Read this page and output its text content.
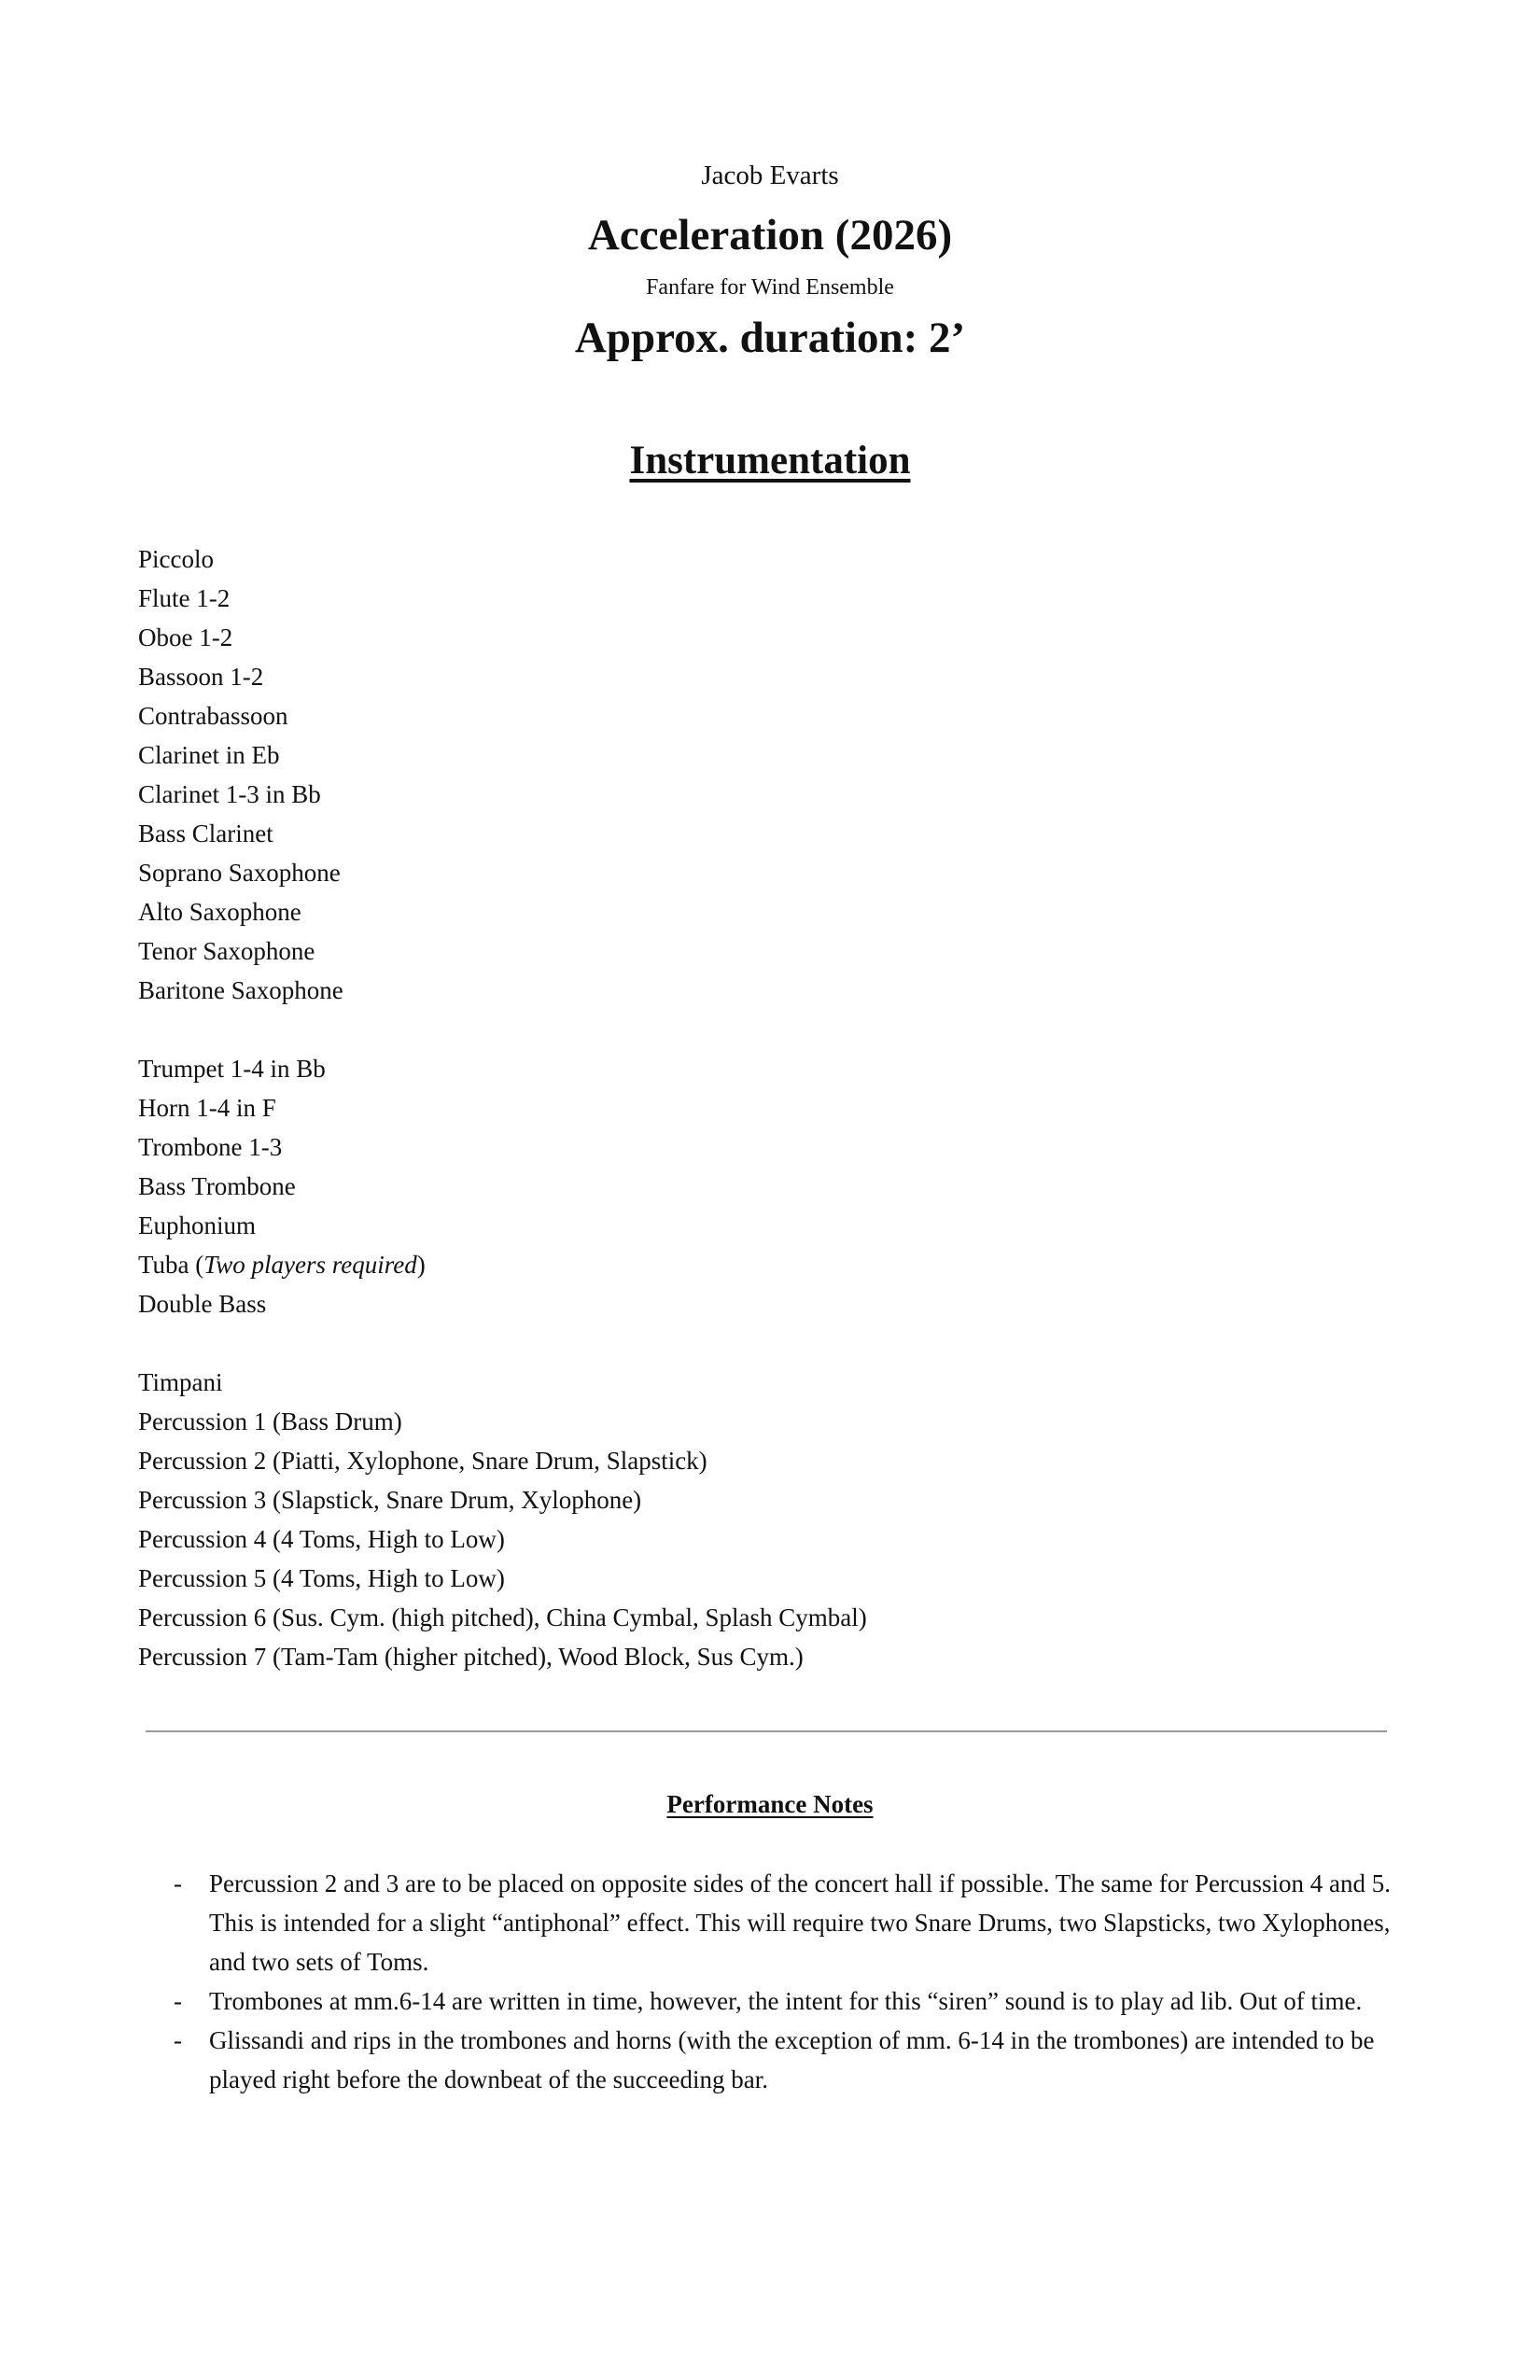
Jacob Evarts
Acceleration (2026)
Fanfare for Wind Ensemble
Approx. duration: 2’
Instrumentation
Piccolo
Flute 1-2
Oboe 1-2
Bassoon 1-2
Contrabassoon
Clarinet in Eb
Clarinet 1-3 in Bb
Bass Clarinet
Soprano Saxophone
Alto Saxophone
Tenor Saxophone
Baritone Saxophone
Trumpet 1-4 in Bb
Horn 1-4 in F
Trombone 1-3
Bass Trombone
Euphonium
Tuba (Two players required)
Double Bass
Timpani
Percussion 1 (Bass Drum)
Percussion 2 (Piatti, Xylophone, Snare Drum, Slapstick)
Percussion 3 (Slapstick, Snare Drum, Xylophone)
Percussion 4 (4 Toms, High to Low)
Percussion 5 (4 Toms, High to Low)
Percussion 6 (Sus. Cym. (high pitched), China Cymbal, Splash Cymbal)
Percussion 7 (Tam-Tam (higher pitched), Wood Block, Sus Cym.)
Performance Notes
- Percussion 2 and 3 are to be placed on opposite sides of the concert hall if possible. The same for Percussion 4 and 5. This is intended for a slight “antiphonal” effect. This will require two Snare Drums, two Slapsticks, two Xylophones, and two sets of Toms.
- Trombones at mm.6-14 are written in time, however, the intent for this “siren” sound is to play ad lib. Out of time.
- Glissandi and rips in the trombones and horns (with the exception of mm. 6-14 in the trombones) are intended to be played right before the downbeat of the succeeding bar.
